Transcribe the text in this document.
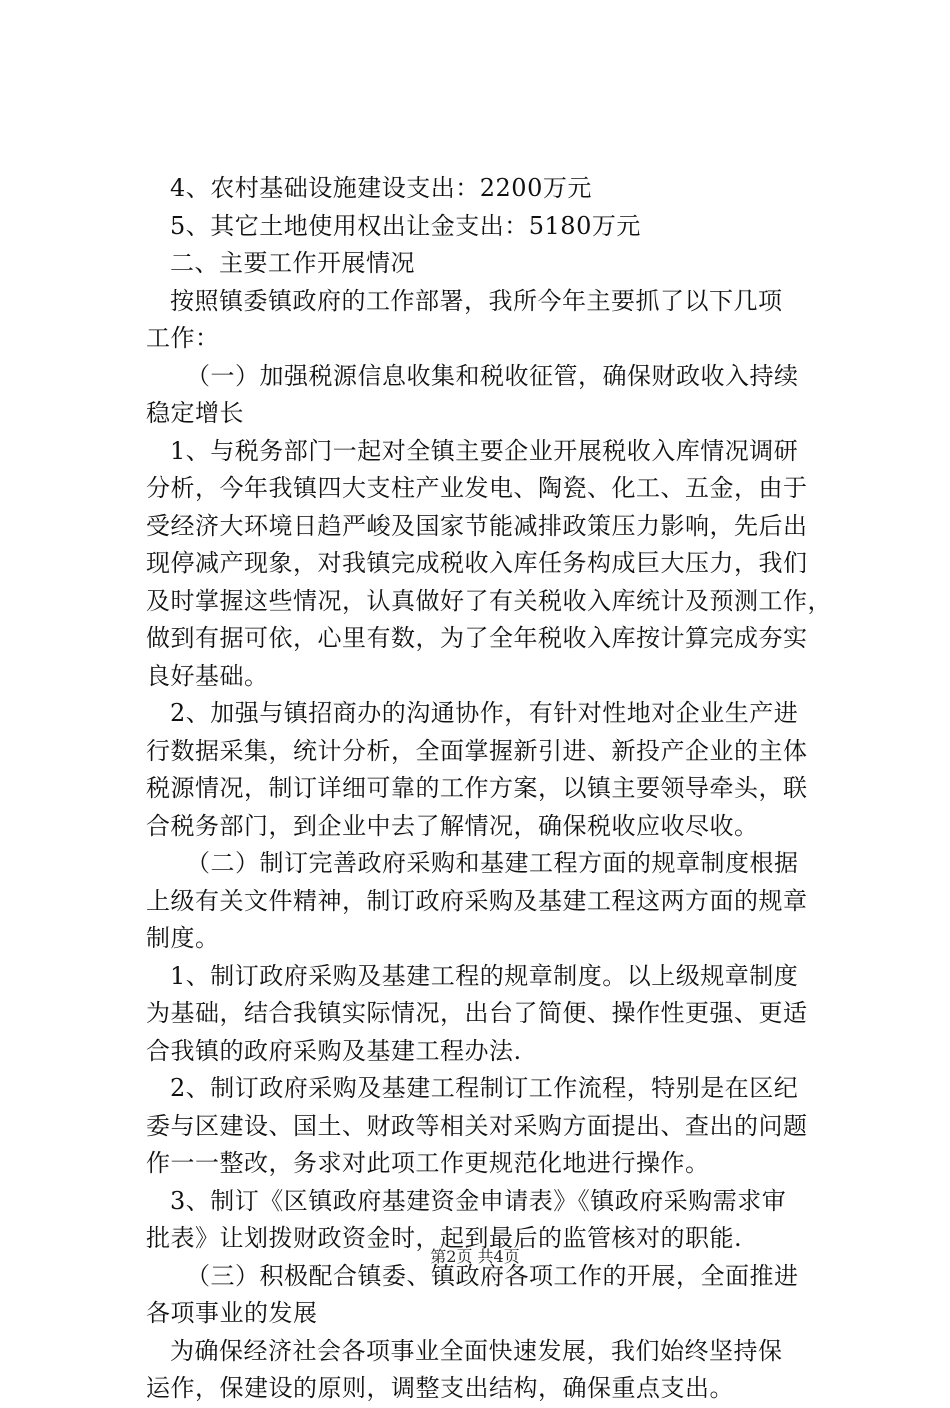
4、农村基础设施建设支出：2200万元
5、其它土地使用权出让金支出：5180万元
二、主要工作开展情况
按照镇委镇政府的工作部署，我所今年主要抓了以下几项
工作：
（一）加强税源信息收集和税收征管，确保财政收入持续
稳定增长
1、与税务部门一起对全镇主要企业开展税收入库情况调研
分析，今年我镇四大支柱产业发电、陶瓷、化工、五金，由于
受经济大环境日趋严峻及国家节能减排政策压力影响，先后出
现停减产现象，对我镇完成税收入库任务构成巨大压力，我们
及时掌握这些情况，认真做好了有关税收入库统计及预测工作，
做到有据可依，心里有数，为了全年税收入库按计算完成夯实
良好基础。
2、加强与镇招商办的沟通协作，有针对性地对企业生产进
行数据采集，统计分析，全面掌握新引进、新投产企业的主体
税源情况，制订详细可靠的工作方案，以镇主要领导牵头，联
合税务部门，到企业中去了解情况，确保税收应收尽收。
（二）制订完善政府采购和基建工程方面的规章制度根据
上级有关文件精神，制订政府采购及基建工程这两方面的规章
制度。
1、制订政府采购及基建工程的规章制度。以上级规章制度
为基础，结合我镇实际情况，出台了简便、操作性更强、更适
合我镇的政府采购及基建工程办法.
2、制订政府采购及基建工程制订工作流程，特别是在区纪
委与区建设、国土、财政等相关对采购方面提出、查出的问题
作一一整改，务求对此项工作更规范化地进行操作。
3、制订《区镇政府基建资金申请表》《镇政府采购需求审
批表》让划拨财政资金时，起到最后的监管核对的职能.
（三）积极配合镇委、镇政府各项工作的开展，全面推进
各项事业的发展
为确保经济社会各项事业全面快速发展，我们始终坚持保
运作，保建设的原则，调整支出结构，确保重点支出。
第2页 共4页
